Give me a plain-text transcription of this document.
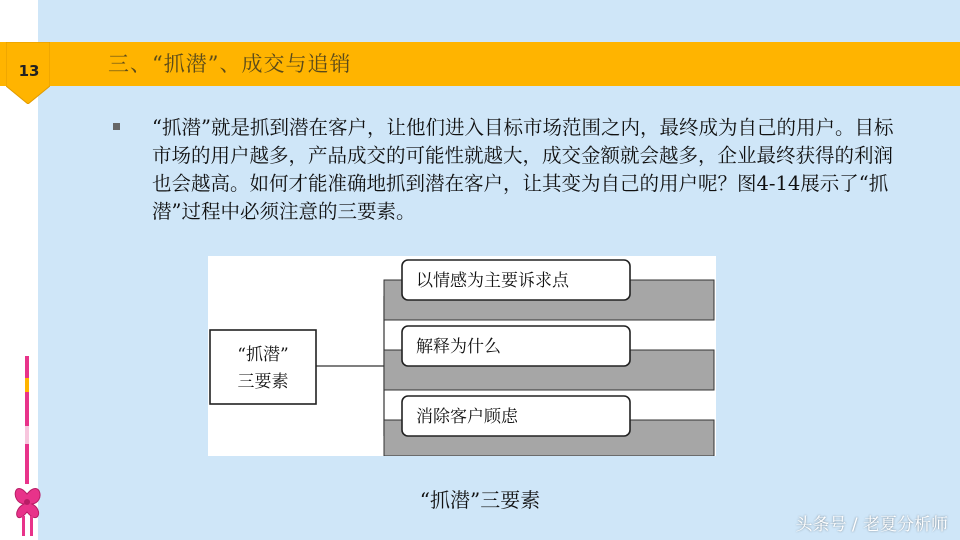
13	三、“抓潜”、成交与追销
“抓潜”就是抓到潜在客户，让他们进入目标市场范围之内，最终成为自己的用户。目标市场的用户越多，产品成交的可能性就越大，成交金额就会越多，企业最终获得的利润也会越高。如何才能准确地抓到潜在客户，让其变为自己的用户呢？图4-14展示了“抓潜”过程中必须注意的三要素。
以情感为主要诉求点
解释为什么
消除客户顾虑
“抓潜”
三要素
“抓潜”三要素
头条号 / 老夏分析师
